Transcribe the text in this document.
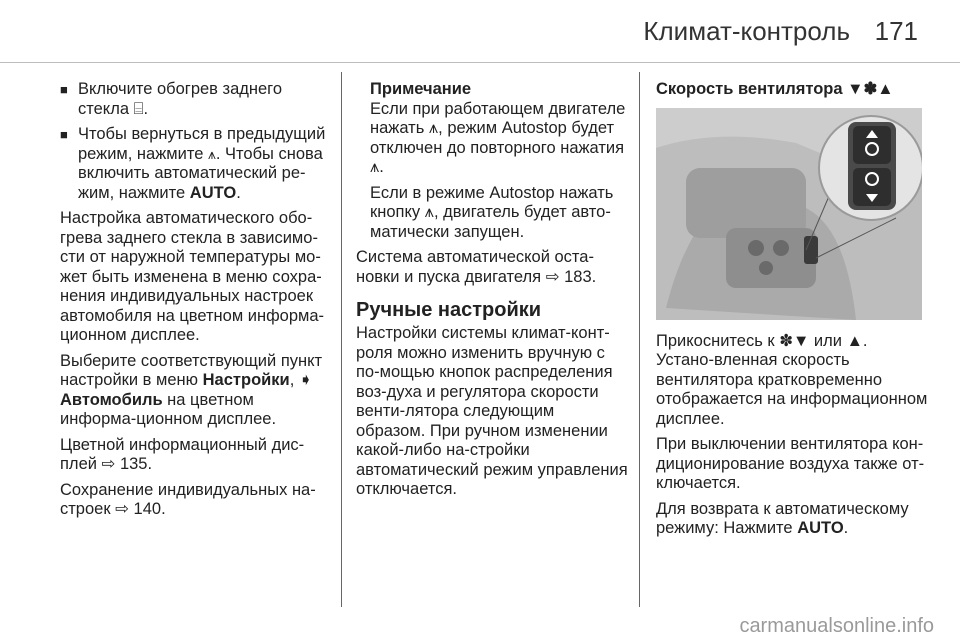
Климат-контроль 171
■ Включите обогрев заднего стекла ⌸.
■ Чтобы вернуться в предыдущий режим, нажмите ⩚. Чтобы снова включить автоматический ре-жим, нажмите AUTO.
Настройка автоматического обо-грева заднего стекла в зависимо-сти от наружной температуры мо-жет быть изменена в меню сохра-нения индивидуальных настроек автомобиля на цветном информа-ционном дисплее.
Выберите соответствующий пункт настройки в меню Настройки, ➧ Автомобиль на цветном информа-ционном дисплее.
Цветной информационный дис-плей ⇨ 135.
Сохранение индивидуальных на-строек ⇨ 140.
Примечание
Если при работающем двигателе нажать ⩚, режим Autostop будет отключен до повторного нажатия ⩚.
Если в режиме Autostop нажать кнопку ⩚, двигатель будет авто-матически запущен.
Система автоматической оста-новки и пуска двигателя ⇨ 183.
Ручные настройки
Настройки системы климат-конт-роля можно изменить вручную с по-мощью кнопок распределения воз-духа и регулятора скорости венти-лятора следующим образом. При ручном изменении какой-либо на-стройки автоматический режим управления отключается.
Скорость вентилятора ▼✽▲
Прикоснитесь к ✽▼ или ▲. Устано-вленная скорость вентилятора кратковременно отображается на информационном дисплее.
При выключении вентилятора кон-диционирование воздуха также от-ключается.
Для возврата к автоматическому режиму: Нажмите AUTO.
carmanualsonline.info
